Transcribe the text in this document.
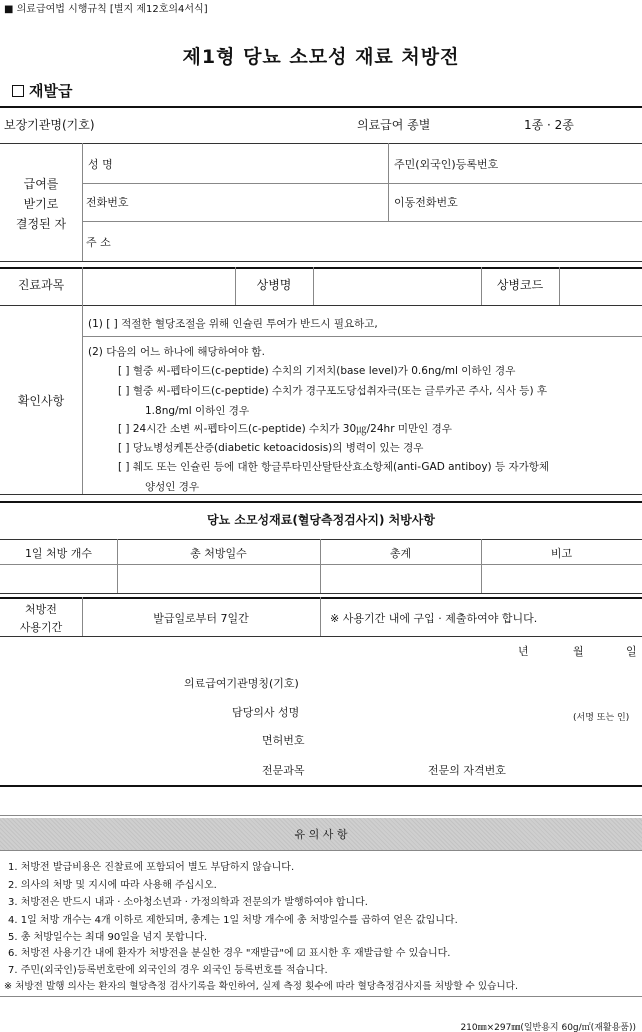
■ 의료급여법 시행규칙 [별지 제12호의4서식]
제1형 당뇨 소모성 재료 처방전
재발급
보장기관명(기호)	의료급여 종별	1종 · 2종
급여를
받기로
결정된 자
성 명	주민(외국인)등록번호
전화번호	이동전화번호
주 소
진료과목	상병명	상병코드
확인사항
(1) [ ] 적절한 혈당조절을 위해 인슐린 투여가 반드시 필요하고,
(2) 다음의 어느 하나에 해당하여야 함.
[ ] 혈중 씨-펩타이드(c-peptide) 수치의 기저치(base level)가 0.6ng/ml 이하인 경우
[ ] 혈중 씨-펩타이드(c-peptide) 수치가 경구포도당섭취자극(또는 글루카곤 주사, 식사 등) 후
1.8ng/ml 이하인 경우
[ ] 24시간 소변 씨-펩타이드(c-peptide) 수치가 30㎍/24hr 미만인 경우
[ ] 당뇨병성케톤산증(diabetic ketoacidosis)의 병력이 있는 경우
[ ] 췌도 또는 인슐린 등에 대한 항글루타민산탈탄산효소항체(anti-GAD antiboy) 등 자가항체
양성인 경우
당뇨 소모성재료(혈당측정검사지) 처방사항
1일 처방 개수	총 처방일수	총계	비고
처방전
사용기간
발급일로부터 7일간	※ 사용기간 내에 구입 · 제출하여야 합니다.
년	월	일
의료급여기관명칭(기호)
담당의사 성명	(서명 또는 인)
면허번호
전문과목	전문의 자격번호
유 의 사 항
1. 처방전 발급비용은 진찰료에 포함되어 별도 부담하지 않습니다.
2. 의사의 처방 및 지시에 따라 사용해 주십시오.
3. 처방전은 반드시 내과 · 소아청소년과 · 가정의학과 전문의가 발행하여야 합니다.
4. 1일 처방 개수는 4개 이하로 제한되며, 총계는 1일 처방 개수에 총 처방일수를 곱하여 얻은 값입니다.
5. 총 처방일수는 최대 90일을 넘지 못합니다.
6. 처방전 사용기간 내에 환자가 처방전을 분실한 경우 "재발급"에 ☑ 표시한 후 재발급할 수 있습니다.
7. 주민(외국인)등록번호란에 외국인의 경우 외국인 등록번호를 적습니다.
※ 처방전 발행 의사는 환자의 혈당측정 검사기록을 확인하여, 실제 측정 횟수에 따라 혈당측정검사지를 처방할 수 있습니다.
210㎜×297㎜(일반용지 60g/㎡(재활용품))
